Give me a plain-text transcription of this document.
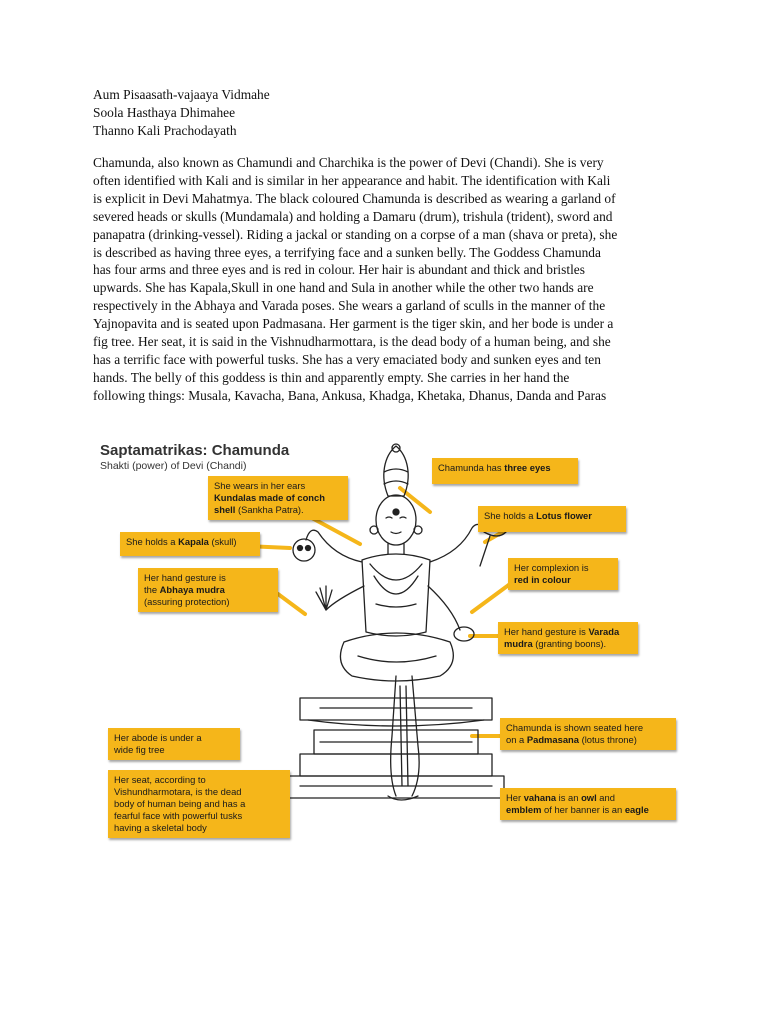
Aum Pisaasath-vajaaya Vidmahe
Soola Hasthaya Dhimahee
Thanno Kali Prachodayath
Chamunda, also known as Chamundi and Charchika is the power of Devi (Chandi). She is very
often identified with Kali and is similar in her appearance and habit. The identification with Kali
is explicit in Devi Mahatmya. The black coloured Chamunda is described as wearing a garland of
severed heads or skulls (Mundamala) and holding a Damaru (drum), trishula (trident), sword and
panapatra (drinking-vessel). Riding a jackal or standing on a corpse of a man (shava or preta), she
is described as having three eyes, a terrifying face and a sunken belly. The Goddess Chamunda
has four arms and three eyes and is red in colour. Her hair is abundant and thick and bristles
upwards. She has Kapala,Skull in one hand and Sula in another while the other two hands are
respectively in the Abhaya and Varada poses. She wears a garland of sculls in the manner of the
Yajnopavita and is seated upon Padmasana. Her garment is the tiger skin, and her bode is under a
fig tree. Her seat, it is said in the Vishnudharmottara, is the dead body of a human being, and she
has a terrific face with powerful tusks. She has a very emaciated body and sunken eyes and ten
hands. The belly of this goddess is thin and apparently empty. She carries in her hand the
following things: Musala, Kavacha, Bana, Ankusa, Khadga, Khetaka, Dhanus, Danda and Paras
Saptamatrikas: Chamunda
Shakti (power) of Devi (Chandi)
She wears in her ears
Kundalas made of conch
shell (Sankha Patra).
Chamunda has three eyes
She holds a Lotus flower
She holds a Kapala (skull)
Her complexion is
red in colour
Her hand gesture is
the Abhaya mudra
(assuring protection)
Her hand gesture is Varada
mudra (granting boons).
Her abode is under a
wide fig tree
Chamunda is shown seated here
on a Padmasana (lotus throne)
Her seat, according to
Vishundharmotara, is the dead
body of human being and has a
fearful face with powerful tusks
having a skeletal body
Her vahana is an owl and
emblem of her banner is an eagle
